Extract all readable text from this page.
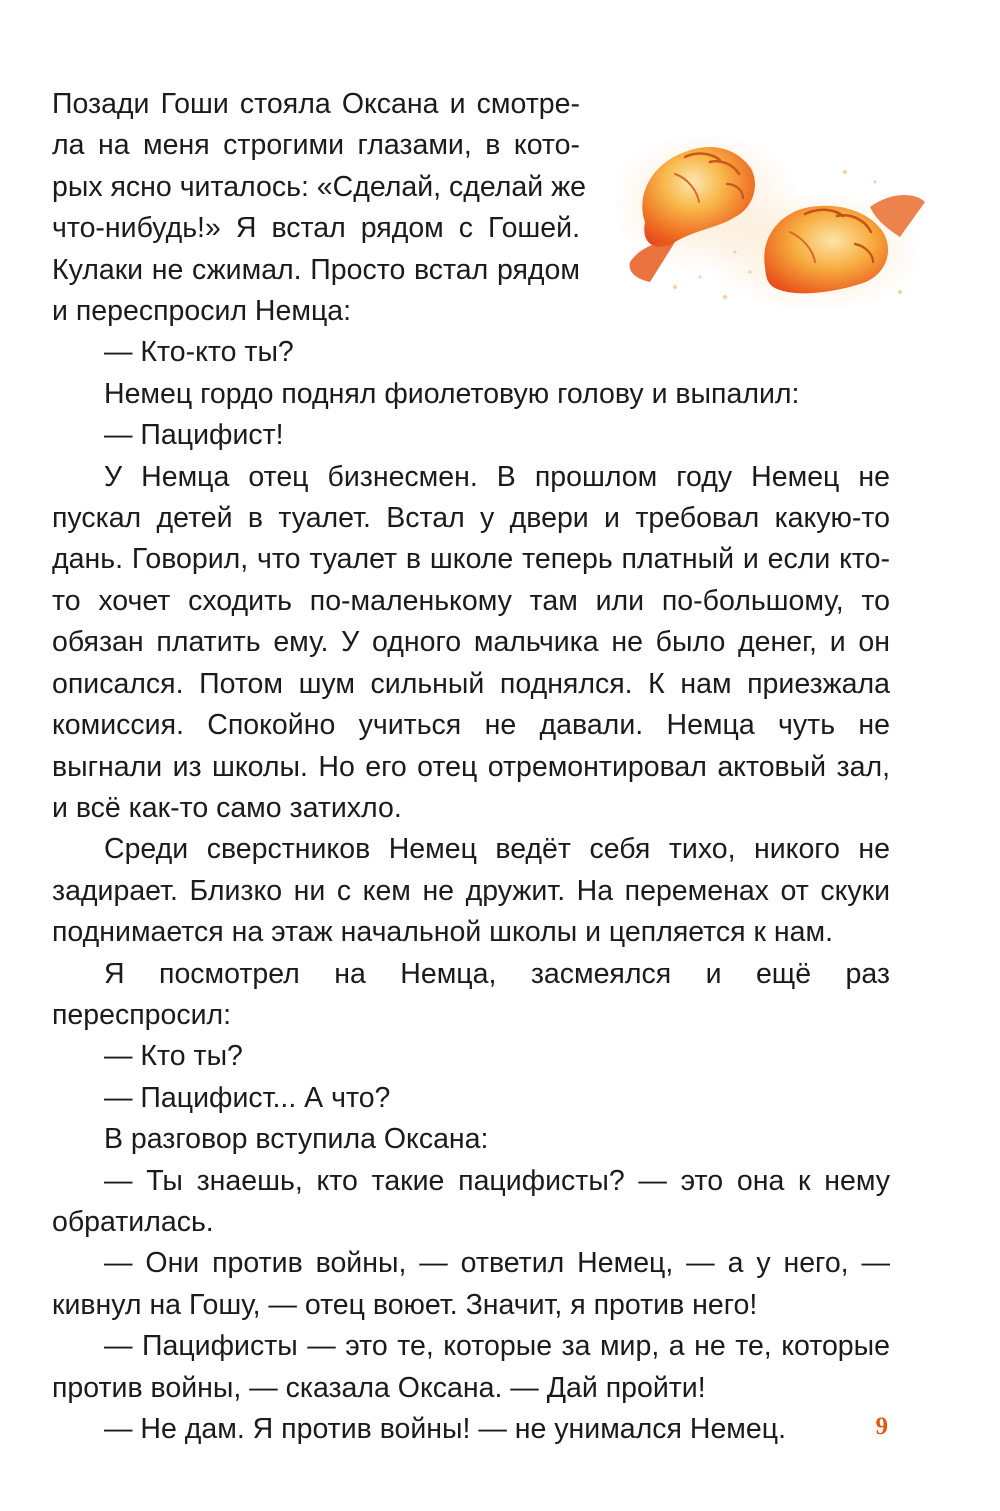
Позади Гоши стояла Оксана и смотре-
ла на меня строгими глазами, в кото-
рых ясно читалось: «Сделай, сделай же
что-нибудь!» Я встал рядом с Гошей.
Кулаки не сжимал. Просто встал рядом
и переспросил Немца:

— Кто-кто ты?

Немец гордо поднял фиолетовую голову и выпалил:

— Пацифист!

У Немца отец бизнесмен. В прошлом году Немец не пускал детей в туалет. Встал у двери и требовал какую-то дань. Говорил, что туалет в школе теперь платный и если кто-то хочет сходить по-маленькому там или по-большому, то обязан платить ему. У одного мальчика не было денег, и он описался. Потом шум сильный поднялся. К нам приезжала комиссия. Спокойно учиться не давали. Немца чуть не выгнали из школы. Но его отец отремонтировал актовый зал, и всё как-то само затихло.

Среди сверстников Немец ведёт себя тихо, никого не задирает. Близко ни с кем не дружит. На переменах от скуки поднимается на этаж начальной школы и цепляется к нам.

Я посмотрел на Немца, засмеялся и ещё раз переспросил:

— Кто ты?

— Пацифист... А что?

В разговор вступила Оксана:

— Ты знаешь, кто такие пацифисты? — это она к нему обратилась.

— Они против войны, — ответил Немец, — а у него, — кивнул на Гошу, — отец воюет. Значит, я против него!

— Пацифисты — это те, которые за мир, а не те, которые против войны, — сказала Оксана. — Дай пройти!

— Не дам. Я против войны! — не унимался Немец.	9
